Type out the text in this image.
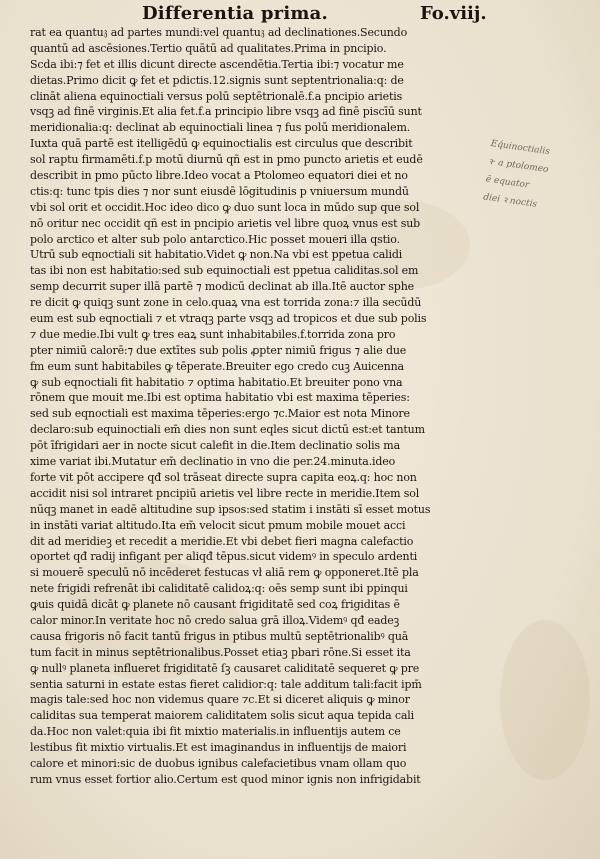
Differentia prima.	Fo.viij.
rat ea quantu𝔷 ad partes mundi:vel quantu𝔷 ad declinationes.Secundo
quantū ad ascēsiones.Tertio quātū ad qualitates.Prima in pncipio.
Scda ibi:⁊ fet et illis dicunt directe ascendētia.Tertia ibi:⁊ vocatur me
dietas.Primo dicit ꝙ fet et pdictis.12.signis sunt septentrionalia:q: de
clināt aliena equinoctiali versus polū septētrionalē.f.a pncipio arietis
vsqꝫ ad finē virginis.Et alia fet.f.a principio libre vsqꝫ ad finē piscīū sunt
meridionalia:q: declinat ab equinoctiali linea ⁊ fus polū meridionalem.
Iuxta quā partē est itelligēdū ꝙ equinoctialis est circulus que describit
sol raptu firmamēti.f.p motū diurnū qñ est in pmo puncto arietis et eudē
describit in pmo pūcto libre.Ideo vocat a Ptolomeo equatori diei et no
ctis:q: tunc tpis dies ⁊ nor sunt eiusdē lōgitudinis p vniuersum mundū
vbi sol orit et occidit.Hoc ideo dico ꝙ duo sunt loca in mūdo sup que sol
nō oritur nec occidit qñ est in pncipio arietis vel libre quoꝝ vnus est sub
polo arctico et alter sub polo antarctico.Hic posset moueri illa qstio.
Utrū sub eqnoctiali sit habitatio.Videt ꝙ non.Na vbi est ppetua calidi
tas ibi non est habitatio:sed sub equinoctiali est ppetua caliditas.sol em
semp decurrit super illā partē ⁊ modicū declinat ab illa.Itē auctor sphe
re dicit ꝙ quiqꝫ sunt zone in celo.quaꝝ vna est torrida zona:⁊ illa secūdū
eum est sub eqnoctiali ⁊ et vtraqꝫ parte vsqꝫ ad tropicos et due sub polis
⁊ due medie.Ibi vult ꝙ tres eaꝝ sunt inhabitabiles.f.torrida zona pro
pter nimiū calorē:⁊ due extītes sub polis ꝓpter nimiū frigus ⁊ alie due
fm eum sunt habitabiles ꝙ tēperate.Breuiter ego credo cuꝫ Auicenna
ꝙ sub eqnoctiali fit habitatio ⁊ optima habitatio.Et breuiter pono vna
rōnem que mouit me.Ibi est optima habitatio vbi est maxima tēperies:
sed sub eqnoctiali est maxima tēperies:ergo ⁊c.Maior est nota Minore
declaro:sub equinoctiali em̄ dies non sunt eqles sicut dictū est:et tantum
pōt īfrigidari aer in nocte sicut calefit in die.Item declinatio solis ma
xime variat ibi.Mutatur em̄ declinatio in vno die per.24.minuta.ideo
forte vit pōt accipere qđ sol trāseat directe supra capita eoꝝ.q: hoc non
accidit nisi sol intraret pncipiū arietis vel libre recte in meridie.Item sol
nūqꝫ manet in eadē altitudine sup ipsos:sed statim i instāti sī esset motus
in instāti variat altitudo.Ita em̄ velocit sicut pmum mobile mouet acci
dit ad meridieꝫ et recedit a meridie.Et vbi debet fieri magna calefactio
oportet qđ radij infigant per aliqđ tēpus.sicut videmꝰ in speculo ardenti
si mouerē speculū nō incēderet festucas vł aliā rem ꝙ opponeret.Itē pla
nete frigidi refrenāt ibi caliditatē calidoꝝ:q: oēs semp sunt ibi ppinqui
ꝙuis quidā dicāt ꝙ planete nō causant frigiditatē sed coꝝ frigiditas ē
calor minor.In veritate hoc nō credo salua grā illoꝝ.Videmꝰ qđ eadeꝫ
causa frigoris nō facit tantū frigus in ptibus multū septētrionalibꝰ quā
tum facit in minus septētrionalibus.Posset etiaꝫ pbari rōne.Si esset ita
ꝙ nullꝰ planeta influeret frigiditatē ſꝫ causaret caliditatē sequeret ꝙ pre
sentia saturni in estate estas fieret calidior:q: tale additum tali:facit ipm̄
magis tale:sed hoc non videmus quare ⁊c.Et si diceret aliquis ꝙ minor
caliditas sua temperat maiorem caliditatem solis sicut aqua tepida cali
da.Hoc non valet:quia ibi fit mixtio materialis.in influentijs autem ce
lestibus fit mixtio virtualis.Et est imaginandus in influentijs de maiori
calore et minori:sic de duobus ignibus calefacietibus vnam ollam quo
rum vnus esset fortior alio.Certum est quod minor ignis non infrigidabit
Eq́uinoctialis
ꝛ· a ptolomeo
ē equator
diei ꝛ noctis
